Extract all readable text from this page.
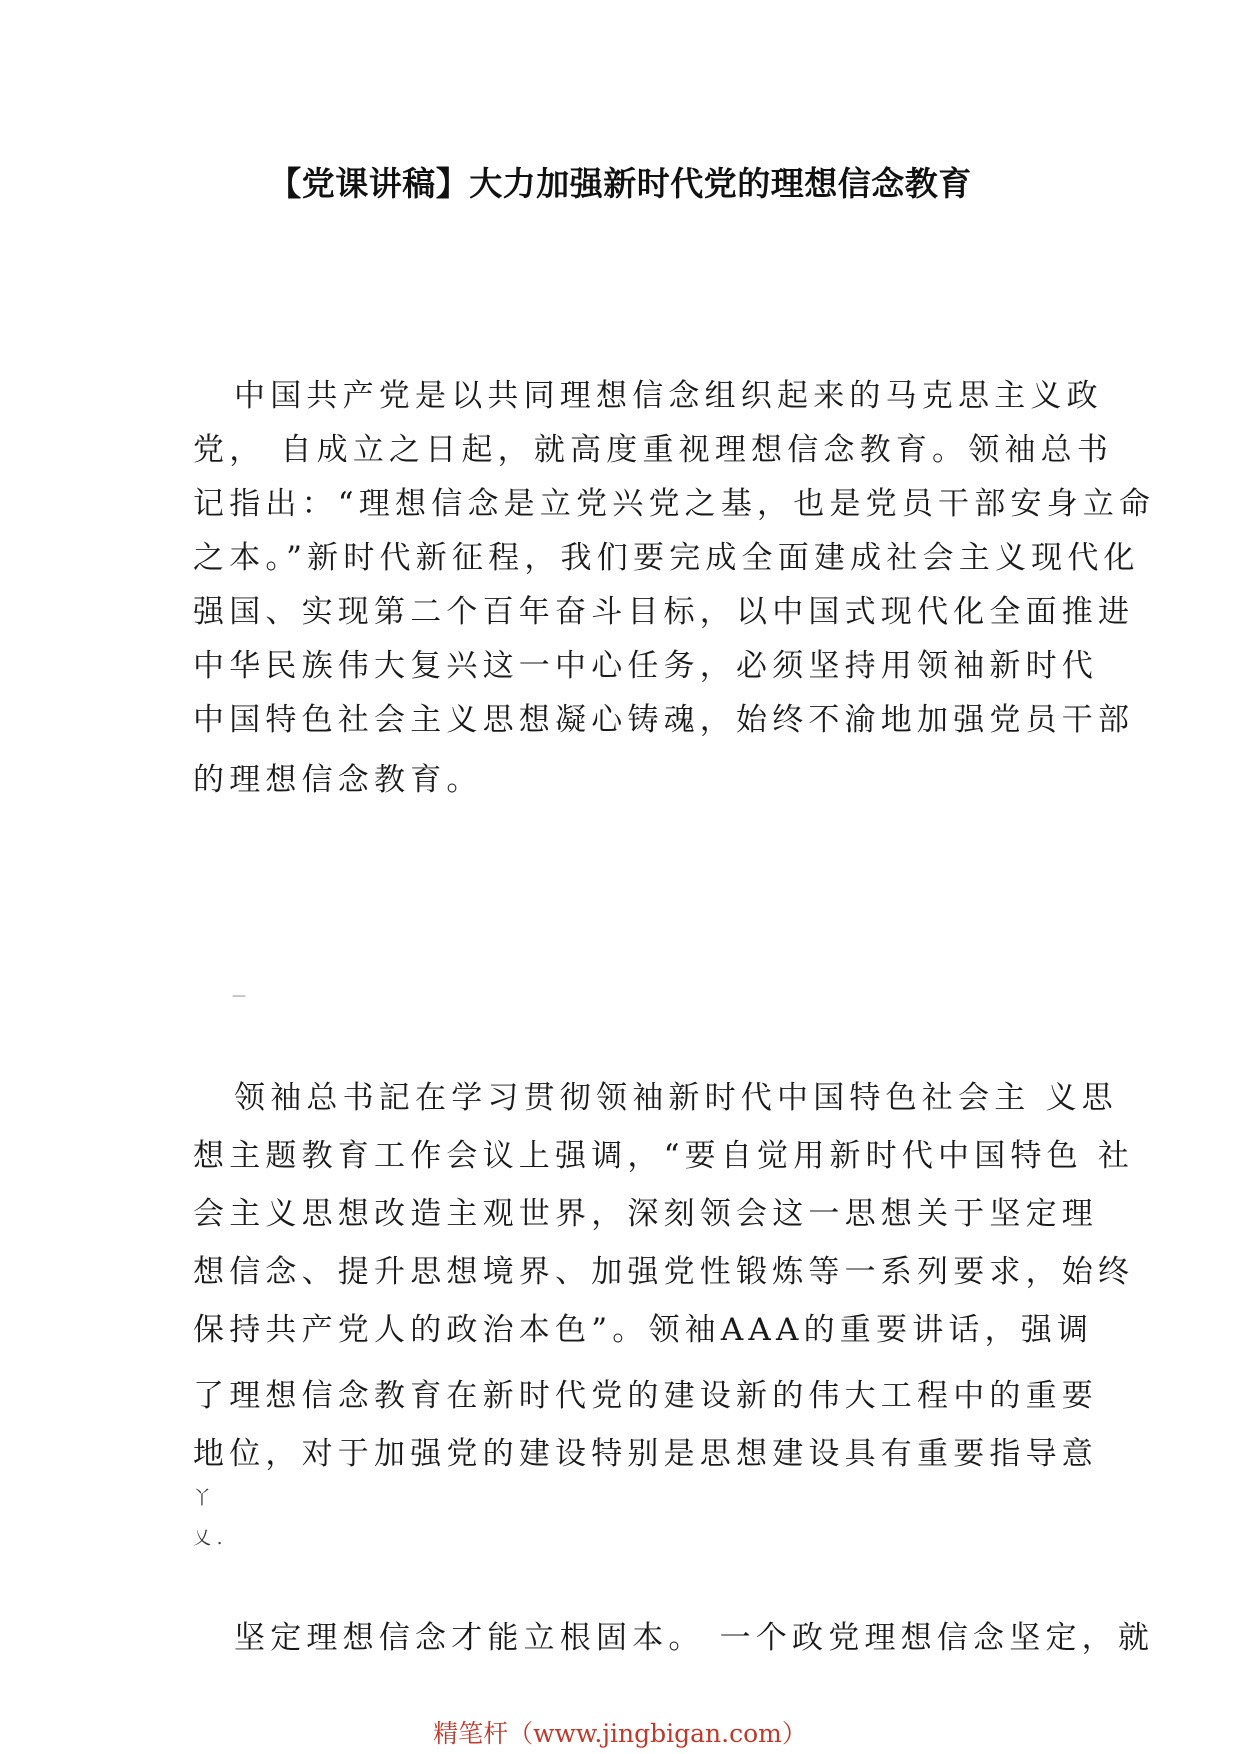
【党课讲稿】大力加强新时代党的理想信念教育
中国共产党是以共同理想信念组织起来的马克思主义政
党， 自成立之日起，就高度重视理想信念教育。领袖总书
记指出：“理想信念是立党兴党之基，也是党员干部安身立命
之本。”新时代新征程，我们要完成全面建成社会主义现代化
强国、实现第二个百年奋斗目标，以中国式现代化全面推进
中华民族伟大复兴这一中心任务，必须坚持用领袖新时代
中国特色社会主义思想凝心铸魂，始终不渝地加强党员干部
的理想信念教育。
—
领袖总书記在学习贯彻领袖新时代中国特色社会主 义思
想主题教育工作会议上强调，“要自觉用新时代中国特色 社
会主义思想改造主观世界，深刻领会这一思想关于坚定理
想信念、提升思想境界、加强党性锻炼等一系列要求，始终
保持共产党人的政治本色”。领袖AAA的重要讲话，强调
了理想信念教育在新时代党的建设新的伟大工程中的重要
地位，对于加强党的建设特别是思想建设具有重要指导意
丫
乂 .
坚定理想信念才能立根固本。 一个政党理想信念坚定，就
精笔杆（www.jingbigan.com）
